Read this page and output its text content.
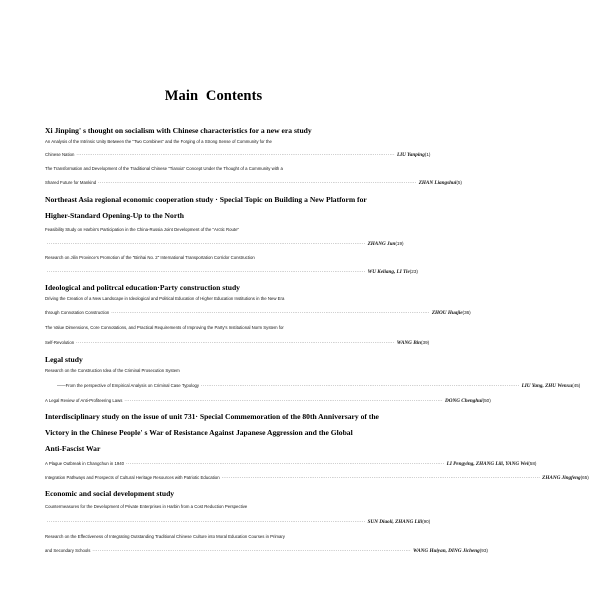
Main Contents
Xi Jinping' s thought on socialism with Chinese characteristics for a new era study
An Analysis of the Intrinsic Unity Between the "Two Combines" and the Forging of a Strong Sense of Community for the
Chinese Nation ·············································································································································································· LIU Yanping (1)
The Transformation and Development of the Traditional Chinese "Tianxia" Concept Under the Thought of a Community with a
Shared Future for Mankind ·············································································································································································· ZHAN Liangshui (5)
Northeast Asia regional economic cooperation study · Special Topic on Building a New Platform for
Higher-Standard Opening-Up to the North
Feasibility Study on Harbin's Participation in the China-Russia Joint Development of the "Arctic Route"
·············································································································································································· ZHANG Jun (19)
Research on Jilin Province's Promotion of the "Binhai No. 2" International Transportation Corridor Construction
·············································································································································································· WU Keliang, LI Tie (23)
Ideological and politrcal education·Party construction study
Driving the Creation of a New Landscape in Ideological and Political Education of Higher Education Institutions in the New Era
through Connotation Construction ·············································································································································································· ZHOU Huajie (36)
The Value Dimensions, Core Connotations, and Practical Requirements of Improving the Party's Institutional Norm System for
Self-Revolution ·············································································································································································· WANG Bin (39)
Legal study
Research on the Construction Idea of the Criminal Prosecution System
——From the perspective of Empirical Analysis on Criminal Case Typology ·············································································································································································· LIU Yang, ZHU Wenxu (45)
A Legal Review of Anti-Profiteering Laws ·············································································································································································· DONG Chenghui (50)
Interdisciplinary study on the issue of unit 731· Special Commemoration of the 80th Anniversary of the
Victory in the Chinese People' s War of Resistance Against Japanese Aggression and the Global
Anti-Fascist War
A Plague Outbreak in Changchun in 1940 ·············································································································································································· LI Pengying, ZHANG Lili, YANG Wei (58)
Integration Pathways and Prospects of Cultural Heritage Resources with Patriotic Education ·············································································································································································· ZHANG Jingfeng (65)
Economic and social development study
Countermeasures for the Development of Private Enterprises in Harbin from a Cost Reduction Perspective
·············································································································································································· SUN Diaoli, ZHANG Lili (90)
Research on the Effectiveness of Integrating Outstanding Traditional Chinese Culture into Moral Education Courses in Primary
and Secondary Schools ·············································································································································································· WANG Huiyan, DING Jicheng (93)
